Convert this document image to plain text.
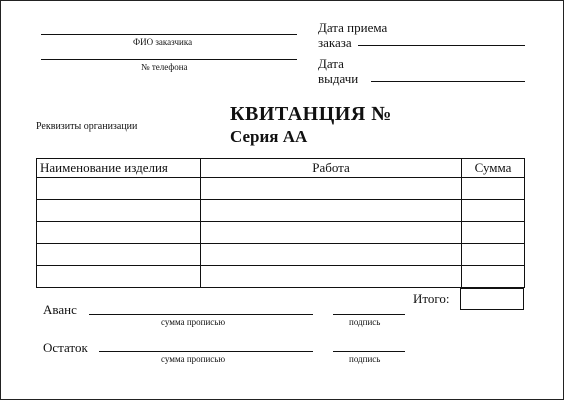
ФИО заказчика
№ телефона
Дата приема
заказа
Дата
выдачи
Реквизиты организации
КВИТАНЦИЯ №
Серия АА
Наименование изделия	Работа	Сумма

Итого:
Аванс
сумма прописью	подпись
Остаток
сумма прописью	подпись
